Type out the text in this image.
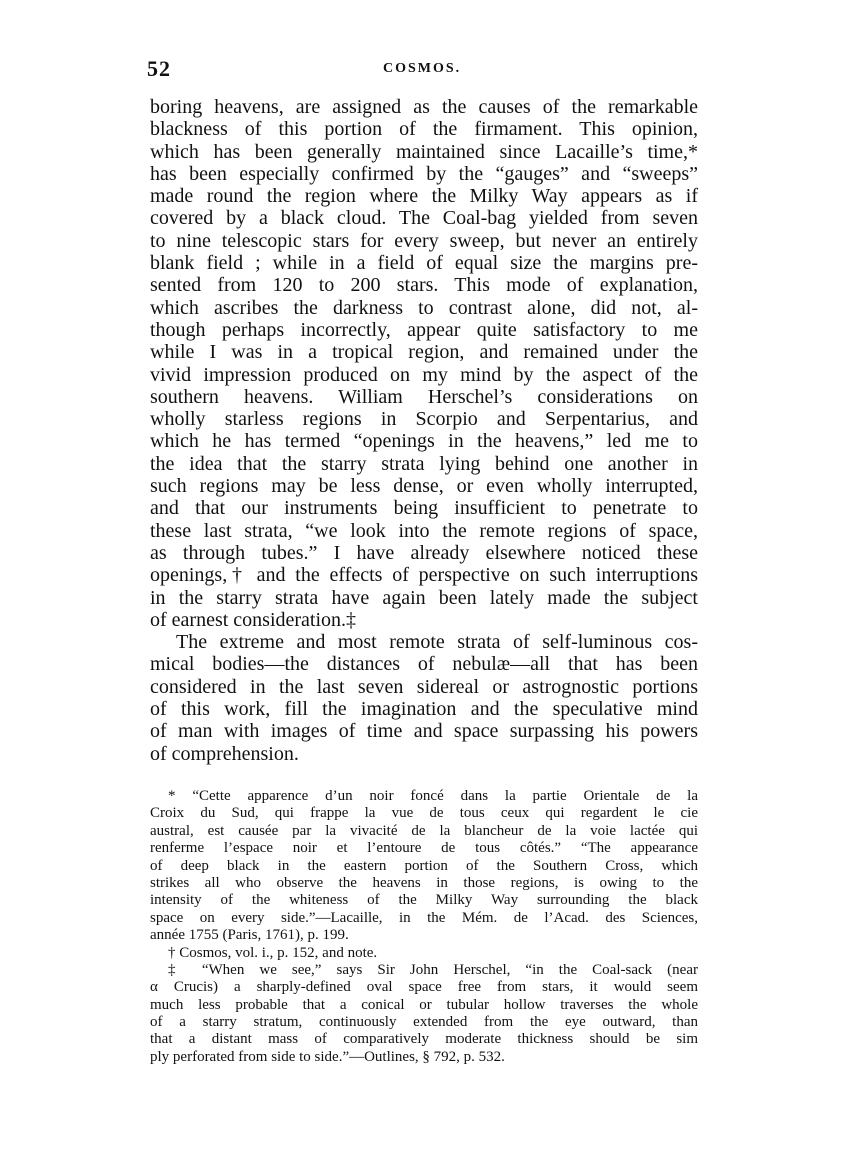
52	COSMOS.
boring heavens, are assigned as the causes of the remarkable
blackness of this portion of the firmament. This opinion,
which has been generally maintained since Lacaille’s time,*
has been especially confirmed by the “gauges” and “sweeps”
made round the region where the Milky Way appears as if
covered by a black cloud. The Coal-bag yielded from seven
to nine telescopic stars for every sweep, but never an entirely
blank field ; while in a field of equal size the margins pre-
sented from 120 to 200 stars. This mode of explanation,
which ascribes the darkness to contrast alone, did not, al-
though perhaps incorrectly, appear quite satisfactory to me
while I was in a tropical region, and remained under the
vivid impression produced on my mind by the aspect of the
southern heavens. William Herschel’s considerations on
wholly starless regions in Scorpio and Serpentarius, and
which he has termed “openings in the heavens,” led me to
the idea that the starry strata lying behind one another in
such regions may be less dense, or even wholly interrupted,
and that our instruments being insufficient to penetrate to
these last strata, “we look into the remote regions of space,
as through tubes.” I have already elsewhere noticed these
openings,† and the effects of perspective on such interruptions
in the starry strata have again been lately made the subject
of earnest consideration.‡
The extreme and most remote strata of self-luminous cos-
mical bodies—the distances of nebulæ—all that has been
considered in the last seven sidereal or astrognostic portions
of this work, fill the imagination and the speculative mind
of man with images of time and space surpassing his powers
of comprehension.
* “Cette apparence d’un noir foncé dans la partie Orientale de la
Croix du Sud, qui frappe la vue de tous ceux qui regardent le cie
austral, est causée par la vivacité de la blancheur de la voie lactée qui
renferme l’espace noir et l’entoure de tous côtés.” “The appearance
of deep black in the eastern portion of the Southern Cross, which
strikes all who observe the heavens in those regions, is owing to the
intensity of the whiteness of the Milky Way surrounding the black
space on every side.”—Lacaille, in the Mém. de l’Acad. des Sciences,
année 1755 (Paris, 1761), p. 199.
† Cosmos, vol. i., p. 152, and note.
‡ “When we see,” says Sir John Herschel, “in the Coal-sack (near
α Crucis) a sharply-defined oval space free from stars, it would seem
much less probable that a conical or tubular hollow traverses the whole
of a starry stratum, continuously extended from the eye outward, than
that a distant mass of comparatively moderate thickness should be sim
ply perforated from side to side.”—Outlines, § 792, p. 532.
